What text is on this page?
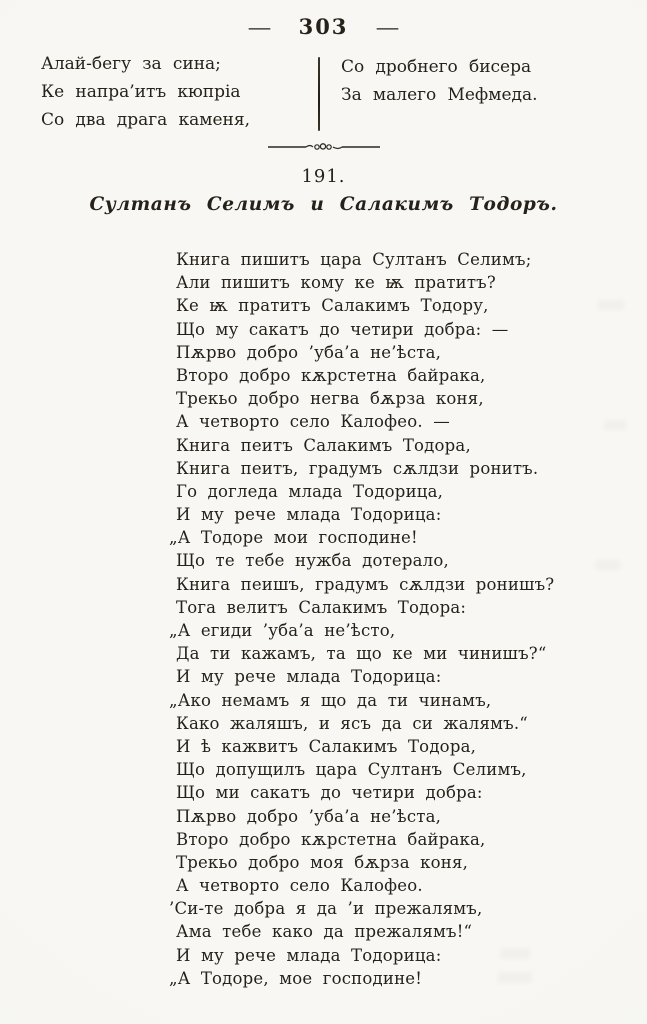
— 303 —
Алай-бегу за сина;
Ке напра’итъ кюпріа
Со два драга каменя,
Со дробнего бисера
За малего Мефмеда.
191.
Султанъ Селимъ и Салакимъ Тодоръ.
Книга пишитъ цара Султанъ Селимъ;
Али пишитъ кому ке ѭ пратитъ?
Ке ѭ пратитъ Салакимъ Тодору,
Що му сакатъ до четири добра: —
Пѫрво добро ’уба’а не’ѣста,
Второ добро кѫрстетна байрака,
Трекьо добро негва бѫрза коня,
А четворто село Калофео. —
Книга пеитъ Салакимъ Тодора,
Книга пеитъ, градумъ сѫлдзи ронитъ.
Го догледа млада Тодорица,
И му рече млада Тодорица:
„А Тодоре мои господине!
Що те тебе нужба дотерало,
Книга пеишъ, градумъ сѫлдзи ронишъ?
Тога велитъ Салакимъ Тодора:
„А егиди ’уба’а не’ѣсто,
Да ти кажамъ, та що ке ми чинишъ?“
И му рече млада Тодорица:
„Ако немамъ я що да ти чинамъ,
Како жаляшъ, и ясъ да си жалямъ.“
И ѣ кажвитъ Салакимъ Тодора,
Що допущилъ цара Султанъ Селимъ,
Що ми сакатъ до четири добра:
Пѫрво добро ’уба’а не’ѣста,
Второ добро кѫрстетна байрака,
Трекьо добро моя бѫрза коня,
А четворто село Калофео.
’Си-те добра я да ’и прежалямъ,
Ама тебе како да прежалямъ!“
И му рече млада Тодорица:
„А Тодоре, мое господине!
